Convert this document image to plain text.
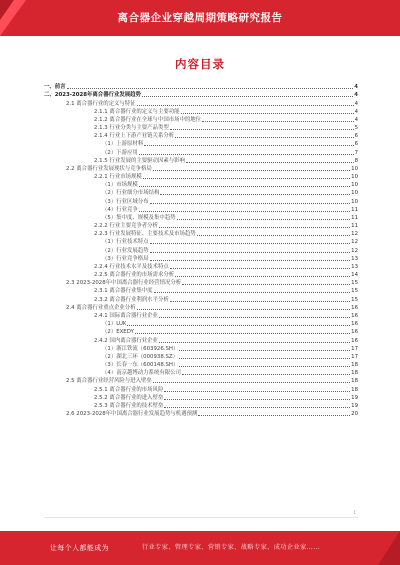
离合器企业穿越周期策略研究报告
内容目录
一、前言	4
二、2023-2028年离合器行业发展趋势	4
2.1 离合器行业的定义与特征	4
2.1.1 离合器行业的定义与主要功能	4
2.1.2 离合器行业在全球与中国市场中的地位	4
2.1.3 行业分类与主要产品类型	5
2.1.4 行业上下游产业链关系分析	6
（1）上游原材料	6
（2）下游应用	7
2.1.5 行业发展的主要驱动因素与影响	8
2.2 离合器行业发展现状与竞争格局	10
2.2.1 行业市场规模	10
（1）市场规模	10
（2）行业细分市场结构	10
（3）行业区域分布	10
（4）行业竞争	11
（5）集中度、规模及集中趋势	11
2.2.2 行业主要竞争者分析	11
2.2.3 行业发展特征、主要技术及市场趋势	12
（1）行业技术特点	12
（2）行业发展趋势	12
（3）行业竞争格局	13
2.2.4 行业技术水平及技术特点	13
2.2.5 离合器行业的市场需求分析	14
2.3 2023-2028年中国离合器行业经营情况分析	15
2.3.1 离合器行业集中度	15
2.3.2 离合器行业利润水平分析	15
2.4 离合器行业重点企业分析	16
2.4.1 国际离合器行业企业	16
（1）LUK	16
（2）EXEDY	16
2.4.2 国内离合器行业企业	16
（1）浙江铁流（603926.SH）	17
（2）湖北三环（000938.SZ）	17
（3）长春一东（600148.SH）	18
（4）南京越博动力系统有限公司	18
2.5 离合器行业经营风险与进入壁垒	18
2.5.1 离合器行业的市场风险	18
2.5.2 离合器行业的进入壁垒	19
2.5.3 离合器行业的技术壁垒	19
2.6 2023-2028年中国离合器行业发展趋势与机遇预测	20
1
让每个人都能成为	行业专家、管理专家、营销专家、战略专家、成功企业家……
